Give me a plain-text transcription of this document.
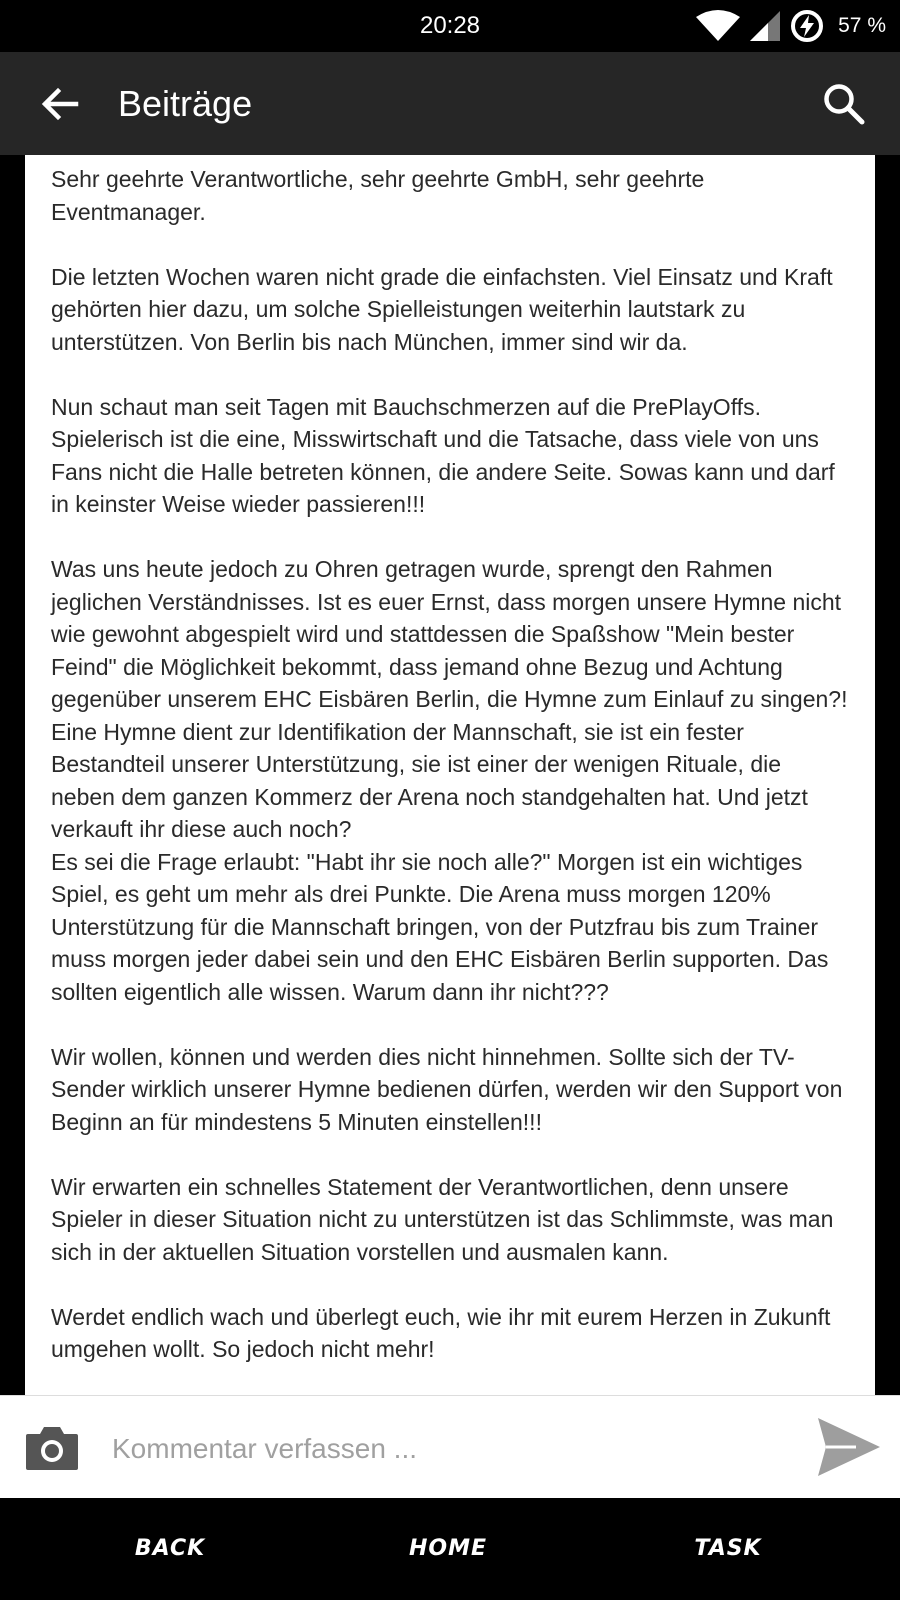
20:28	57 %
Beiträge

Sehr geehrte Verantwortliche, sehr geehrte GmbH, sehr geehrte Eventmanager.

Die letzten Wochen waren nicht grade die einfachsten. Viel Einsatz und Kraft gehörten hier dazu, um solche Spielleistungen weiterhin lautstark zu unterstützen. Von Berlin bis nach München, immer sind wir da.

Nun schaut man seit Tagen mit Bauchschmerzen auf die PrePlayOffs. Spielerisch ist die eine, Misswirtschaft und die Tatsache, dass viele von uns Fans nicht die Halle betreten können, die andere Seite. Sowas kann und darf in keinster Weise wieder passieren!!!

Was uns heute jedoch zu Ohren getragen wurde, sprengt den Rahmen jeglichen Verständnisses. Ist es euer Ernst, dass morgen unsere Hymne nicht wie gewohnt abgespielt wird und stattdessen die Spaßshow "Mein bester Feind" die Möglichkeit bekommt, dass jemand ohne Bezug und Achtung gegenüber unserem EHC Eisbären Berlin, die Hymne zum Einlauf zu singen?!

Eine Hymne dient zur Identifikation der Mannschaft, sie ist ein fester Bestandteil unserer Unterstützung, sie ist einer der wenigen Rituale, die neben dem ganzen Kommerz der Arena noch standgehalten hat. Und jetzt verkauft ihr diese auch noch?

Es sei die Frage erlaubt: "Habt ihr sie noch alle?" Morgen ist ein wichtiges Spiel, es geht um mehr als drei Punkte. Die Arena muss morgen 120% Unterstützung für die Mannschaft bringen, von der Putzfrau bis zum Trainer muss morgen jeder dabei sein und den EHC Eisbären Berlin supporten. Das sollten eigentlich alle wissen. Warum dann ihr nicht???

Wir wollen, können und werden dies nicht hinnehmen. Sollte sich der TV-Sender wirklich unserer Hymne bedienen dürfen, werden wir den Support von Beginn an für mindestens 5 Minuten einstellen!!!

Wir erwarten ein schnelles Statement der Verantwortlichen, denn unsere Spieler in dieser Situation nicht zu unterstützen ist das Schlimmste, was man sich in der aktuellen Situation vorstellen und ausmalen kann.

Werdet endlich wach und überlegt euch, wie ihr mit eurem Herzen in Zukunft umgehen wollt. So jedoch nicht mehr!

Kommentar verfassen ...
BACK	HOME	TASK
